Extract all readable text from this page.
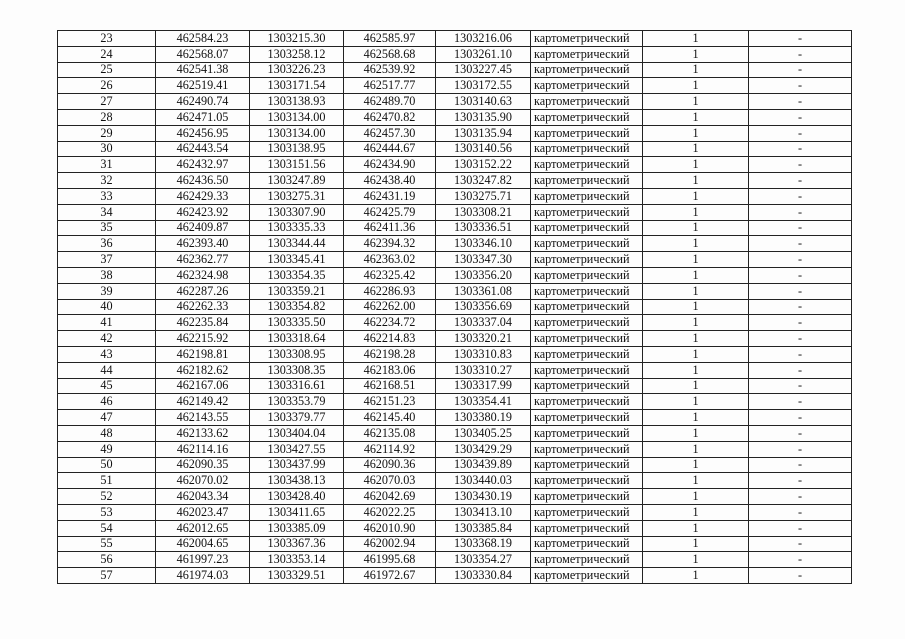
23	462584.23	1303215.30	462585.97	1303216.06	картометрический	1	-
24	462568.07	1303258.12	462568.68	1303261.10	картометрический	1	-
25	462541.38	1303226.23	462539.92	1303227.45	картометрический	1	-
26	462519.41	1303171.54	462517.77	1303172.55	картометрический	1	-
27	462490.74	1303138.93	462489.70	1303140.63	картометрический	1	-
28	462471.05	1303134.00	462470.82	1303135.90	картометрический	1	-
29	462456.95	1303134.00	462457.30	1303135.94	картометрический	1	-
30	462443.54	1303138.95	462444.67	1303140.56	картометрический	1	-
31	462432.97	1303151.56	462434.90	1303152.22	картометрический	1	-
32	462436.50	1303247.89	462438.40	1303247.82	картометрический	1	-
33	462429.33	1303275.31	462431.19	1303275.71	картометрический	1	-
34	462423.92	1303307.90	462425.79	1303308.21	картометрический	1	-
35	462409.87	1303335.33	462411.36	1303336.51	картометрический	1	-
36	462393.40	1303344.44	462394.32	1303346.10	картометрический	1	-
37	462362.77	1303345.41	462363.02	1303347.30	картометрический	1	-
38	462324.98	1303354.35	462325.42	1303356.20	картометрический	1	-
39	462287.26	1303359.21	462286.93	1303361.08	картометрический	1	-
40	462262.33	1303354.82	462262.00	1303356.69	картометрический	1	-
41	462235.84	1303335.50	462234.72	1303337.04	картометрический	1	-
42	462215.92	1303318.64	462214.83	1303320.21	картометрический	1	-
43	462198.81	1303308.95	462198.28	1303310.83	картометрический	1	-
44	462182.62	1303308.35	462183.06	1303310.27	картометрический	1	-
45	462167.06	1303316.61	462168.51	1303317.99	картометрический	1	-
46	462149.42	1303353.79	462151.23	1303354.41	картометрический	1	-
47	462143.55	1303379.77	462145.40	1303380.19	картометрический	1	-
48	462133.62	1303404.04	462135.08	1303405.25	картометрический	1	-
49	462114.16	1303427.55	462114.92	1303429.29	картометрический	1	-
50	462090.35	1303437.99	462090.36	1303439.89	картометрический	1	-
51	462070.02	1303438.13	462070.03	1303440.03	картометрический	1	-
52	462043.34	1303428.40	462042.69	1303430.19	картометрический	1	-
53	462023.47	1303411.65	462022.25	1303413.10	картометрический	1	-
54	462012.65	1303385.09	462010.90	1303385.84	картометрический	1	-
55	462004.65	1303367.36	462002.94	1303368.19	картометрический	1	-
56	461997.23	1303353.14	461995.68	1303354.27	картометрический	1	-
57	461974.03	1303329.51	461972.67	1303330.84	картометрический	1	-
